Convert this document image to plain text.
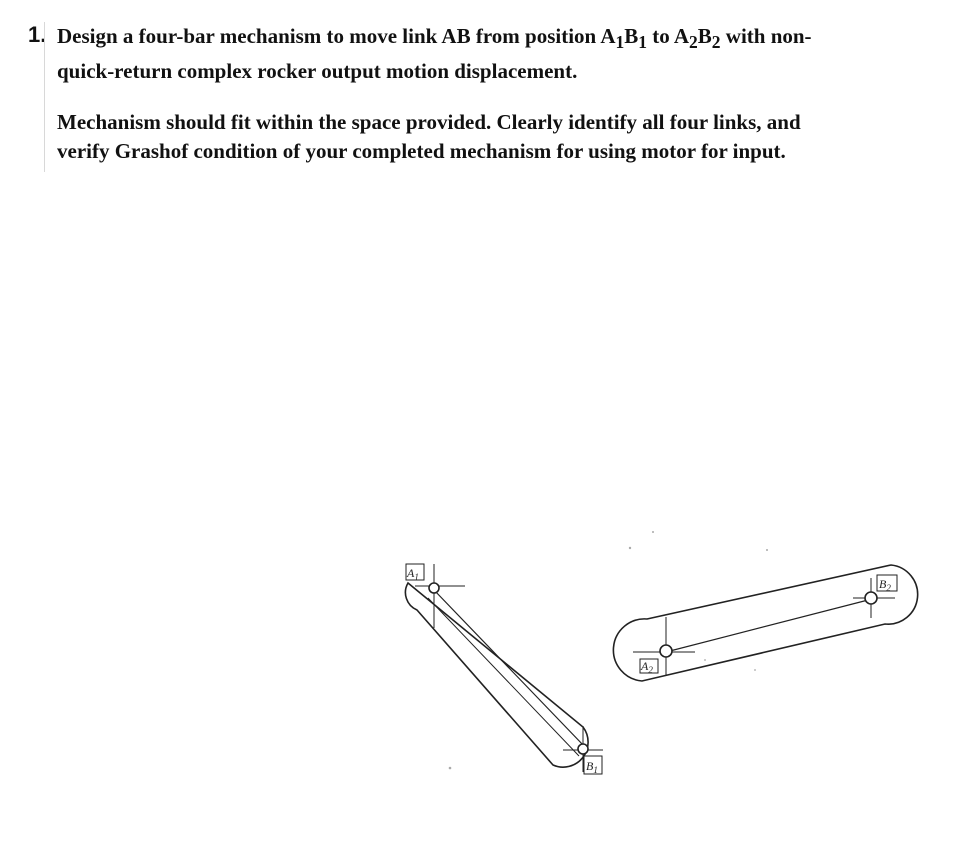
1. Design a four-bar mechanism to move link AB from position $A_1B_1$ to $A_2B_2$ with non-
quick-return complex rocker output motion displacement.
Mechanism should fit within the space provided. Clearly identify all four links, and
verify Grashof condition of your completed mechanism for using motor for input.
$A_1$
$B_1$
$A_2$
$B_2$
